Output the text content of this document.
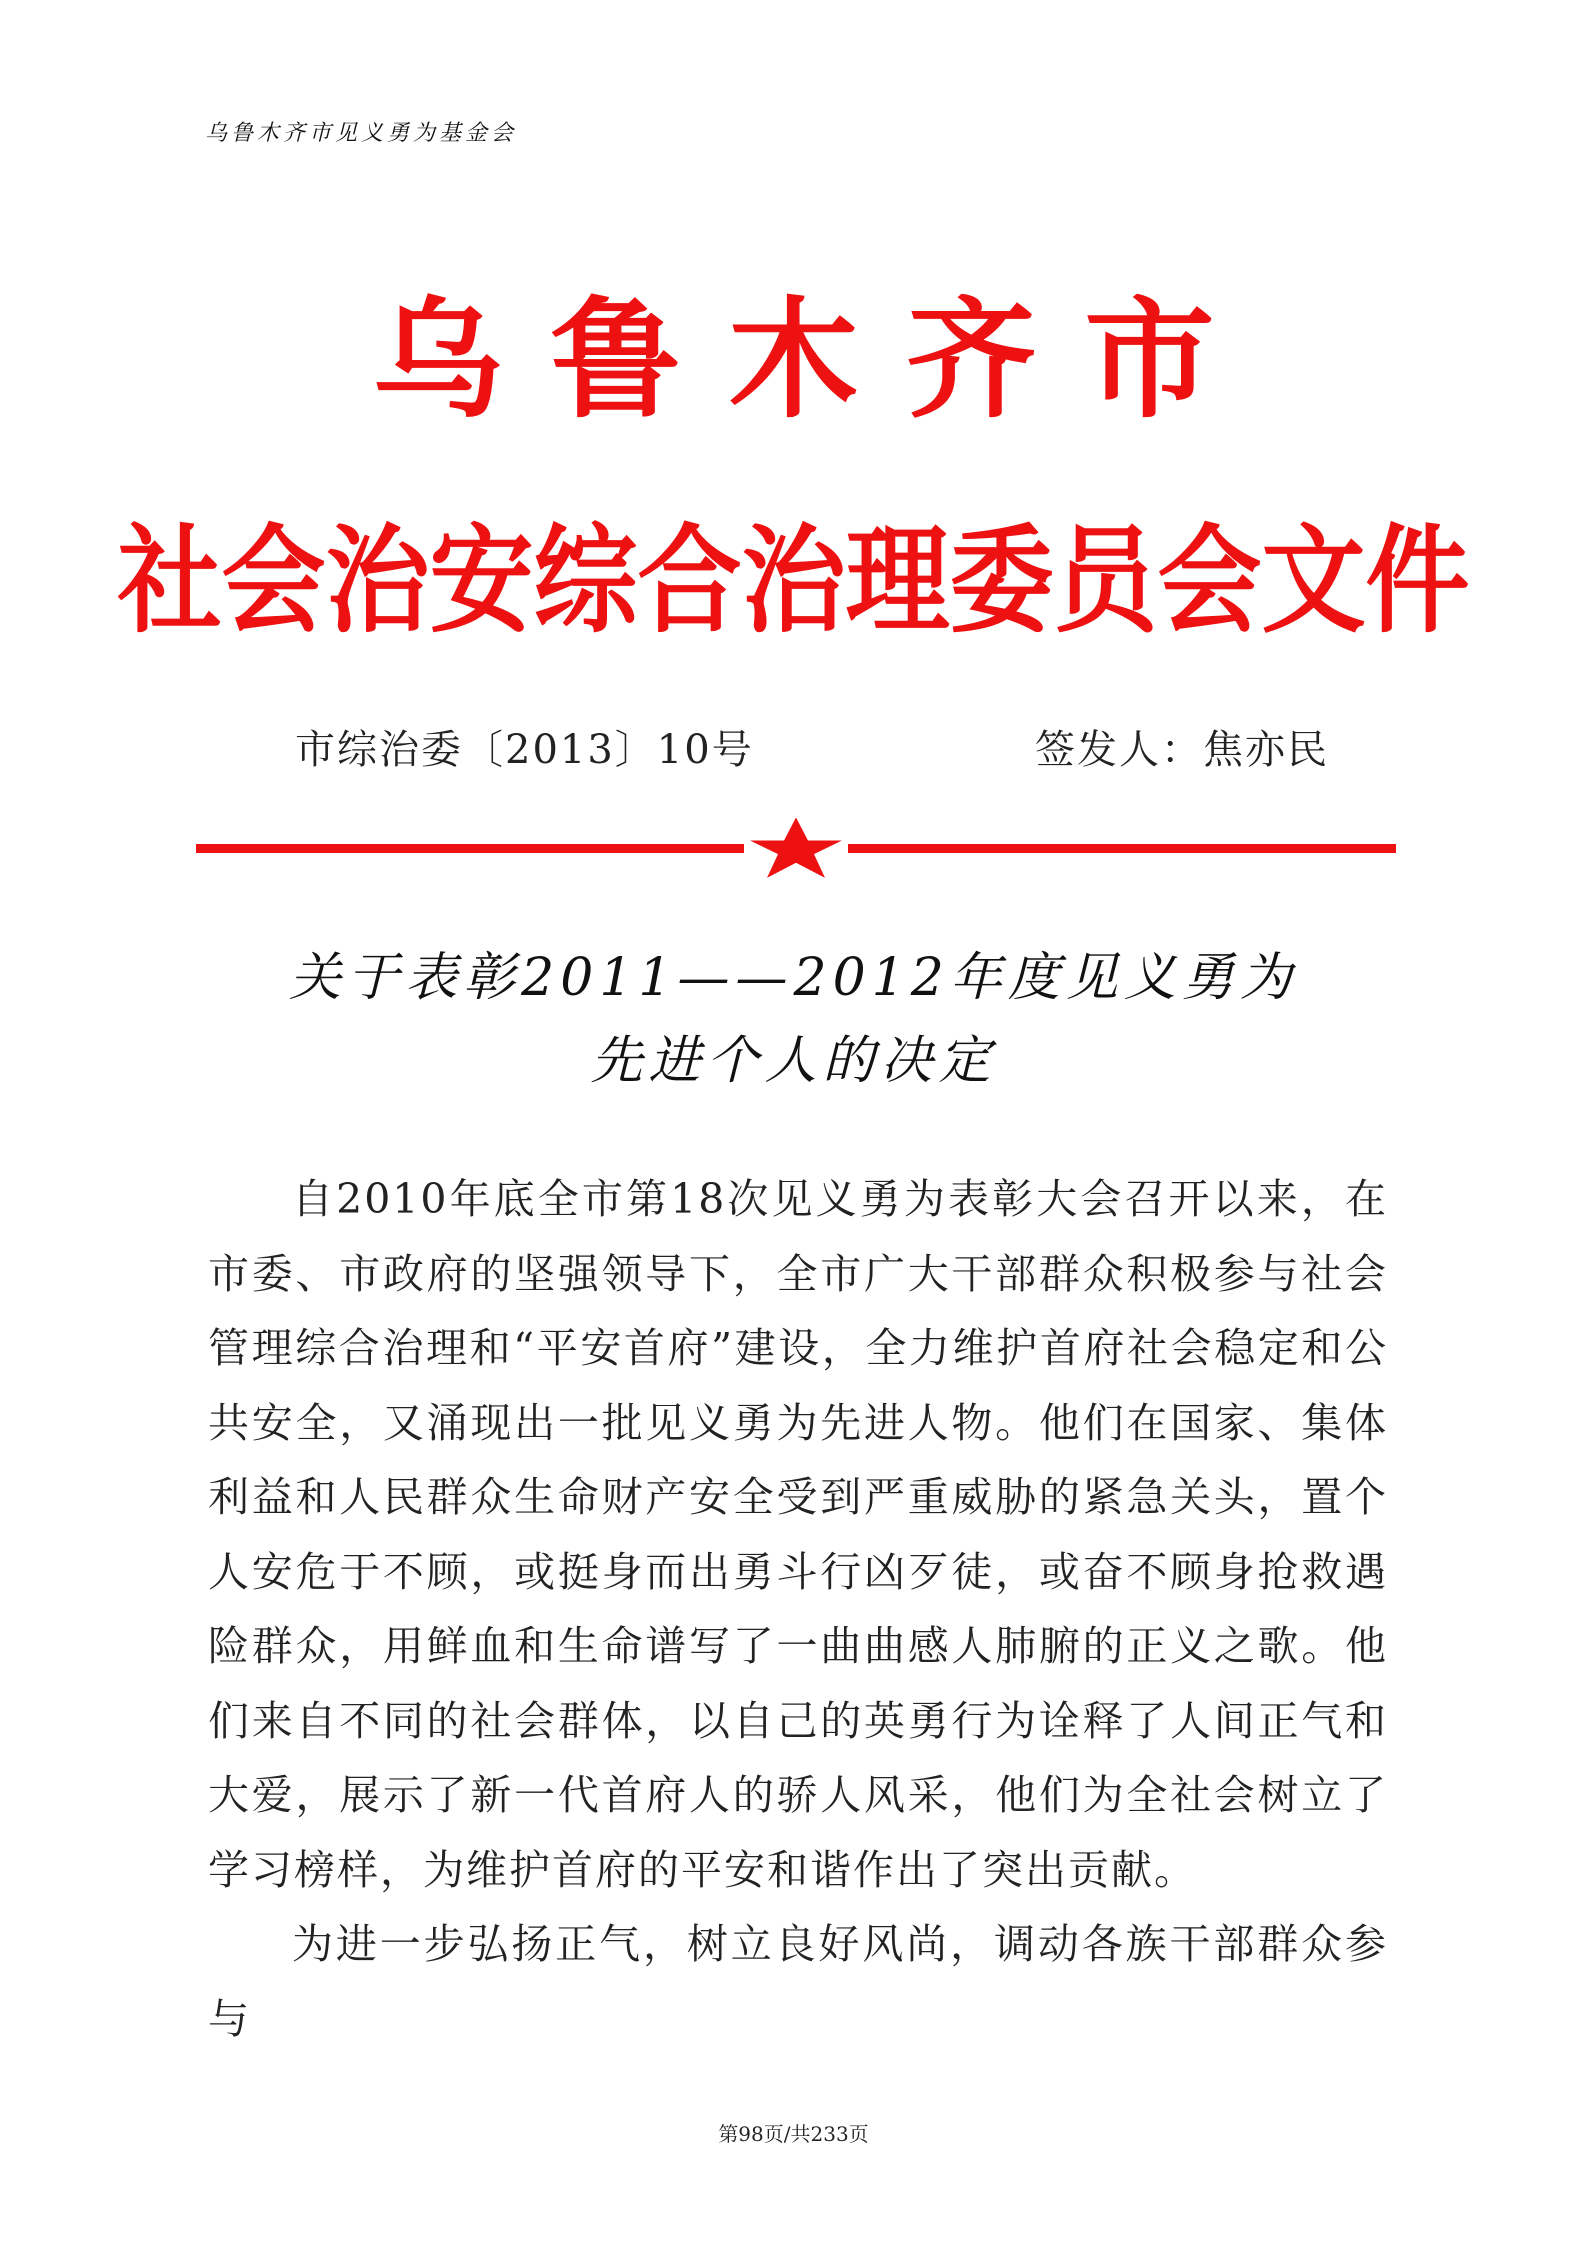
乌鲁木齐市见义勇为基金会
乌鲁木齐市
社会治安综合治理委员会文件
市综治委〔2013〕10号	签发人：焦亦民
关于表彰2011——2012年度见义勇为
先进个人的决定

自2010年底全市第18次见义勇为表彰大会召开以来，在市委、市政府的坚强领导下，全市广大干部群众积极参与社会管理综合治理和“平安首府”建设，全力维护首府社会稳定和公共安全，又涌现出一批见义勇为先进人物。他们在国家、集体利益和人民群众生命财产安全受到严重威胁的紧急关头，置个人安危于不顾，或挺身而出勇斗行凶歹徒，或奋不顾身抢救遇险群众，用鲜血和生命谱写了一曲曲感人肺腑的正义之歌。他们来自不同的社会群体，以自己的英勇行为诠释了人间正气和大爱，展示了新一代首府人的骄人风采，他们为全社会树立了学习榜样，为维护首府的平安和谐作出了突出贡献。

为进一步弘扬正气，树立良好风尚，调动各族干部群众参与

第98页/共233页
